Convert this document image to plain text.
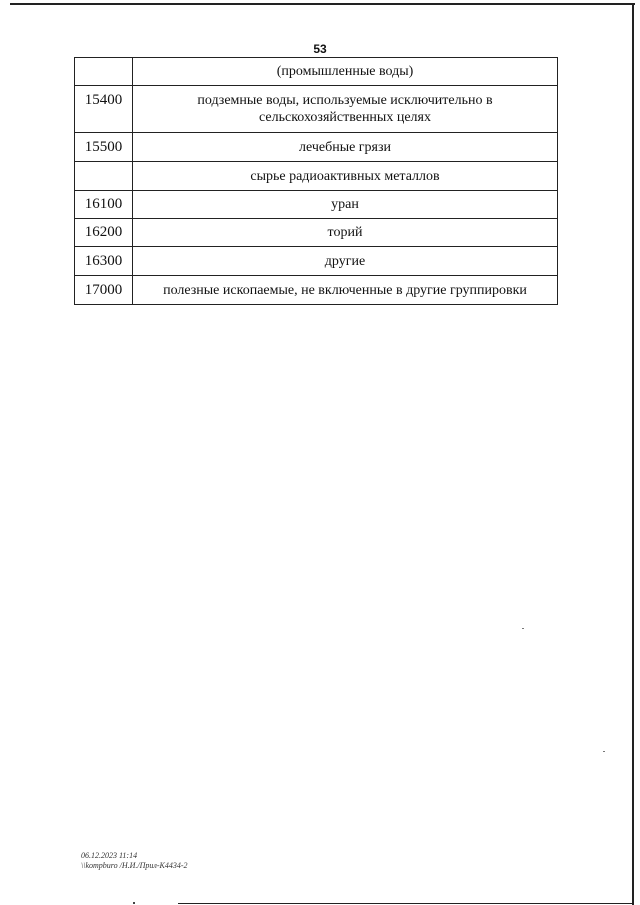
53
	(промышленные воды)
15400	подземные воды, используемые исключительно в сельскохозяйственных целях
15500	лечебные грязи
	сырье радиоактивных металлов
16100	уран
16200	торий
16300	другие
17000	полезные ископаемые, не включенные в другие группировки
06.12.2023 11:14
\\kompburo /Н.И./Прил-К4434-2
